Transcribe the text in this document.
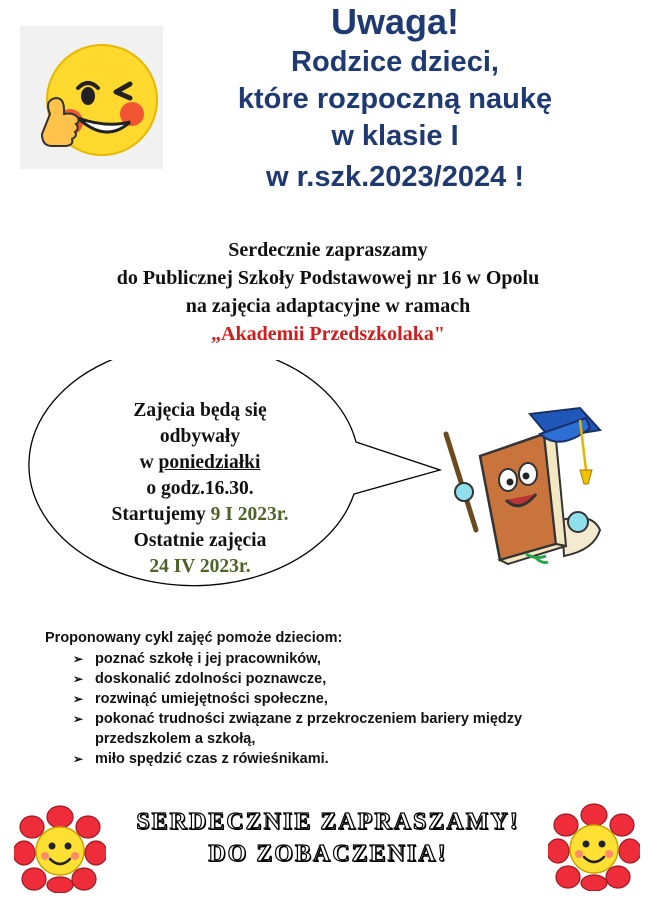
Uwaga!
Rodzice dzieci,
które rozpoczną naukę
w klasie I
w r.szk.2023/2024 !
Serdecznie zapraszamy
do Publicznej Szkoły Podstawowej nr 16 w Opolu
na zajęcia adaptacyjne w ramach
„Akademii Przedszkolaka"
Zajęcia będą się
odbywały
w poniedziałki
o godz.16.30.
Startujemy 9 I 2023r.
Ostatnie zajęcia
24 IV 2023r.
Proponowany cykl zajęć pomoże dzieciom:
➢ poznać szkołę i jej pracowników,
➢ doskonalić zdolności poznawcze,
➢ rozwinąć umiejętności społeczne,
➢ pokonać trudności związane z przekroczeniem bariery między przedszkolem a szkołą,
➢ miło spędzić czas z rówieśnikami.
SERDECZNIE ZAPRASZAMY!
DO ZOBACZENIA!
